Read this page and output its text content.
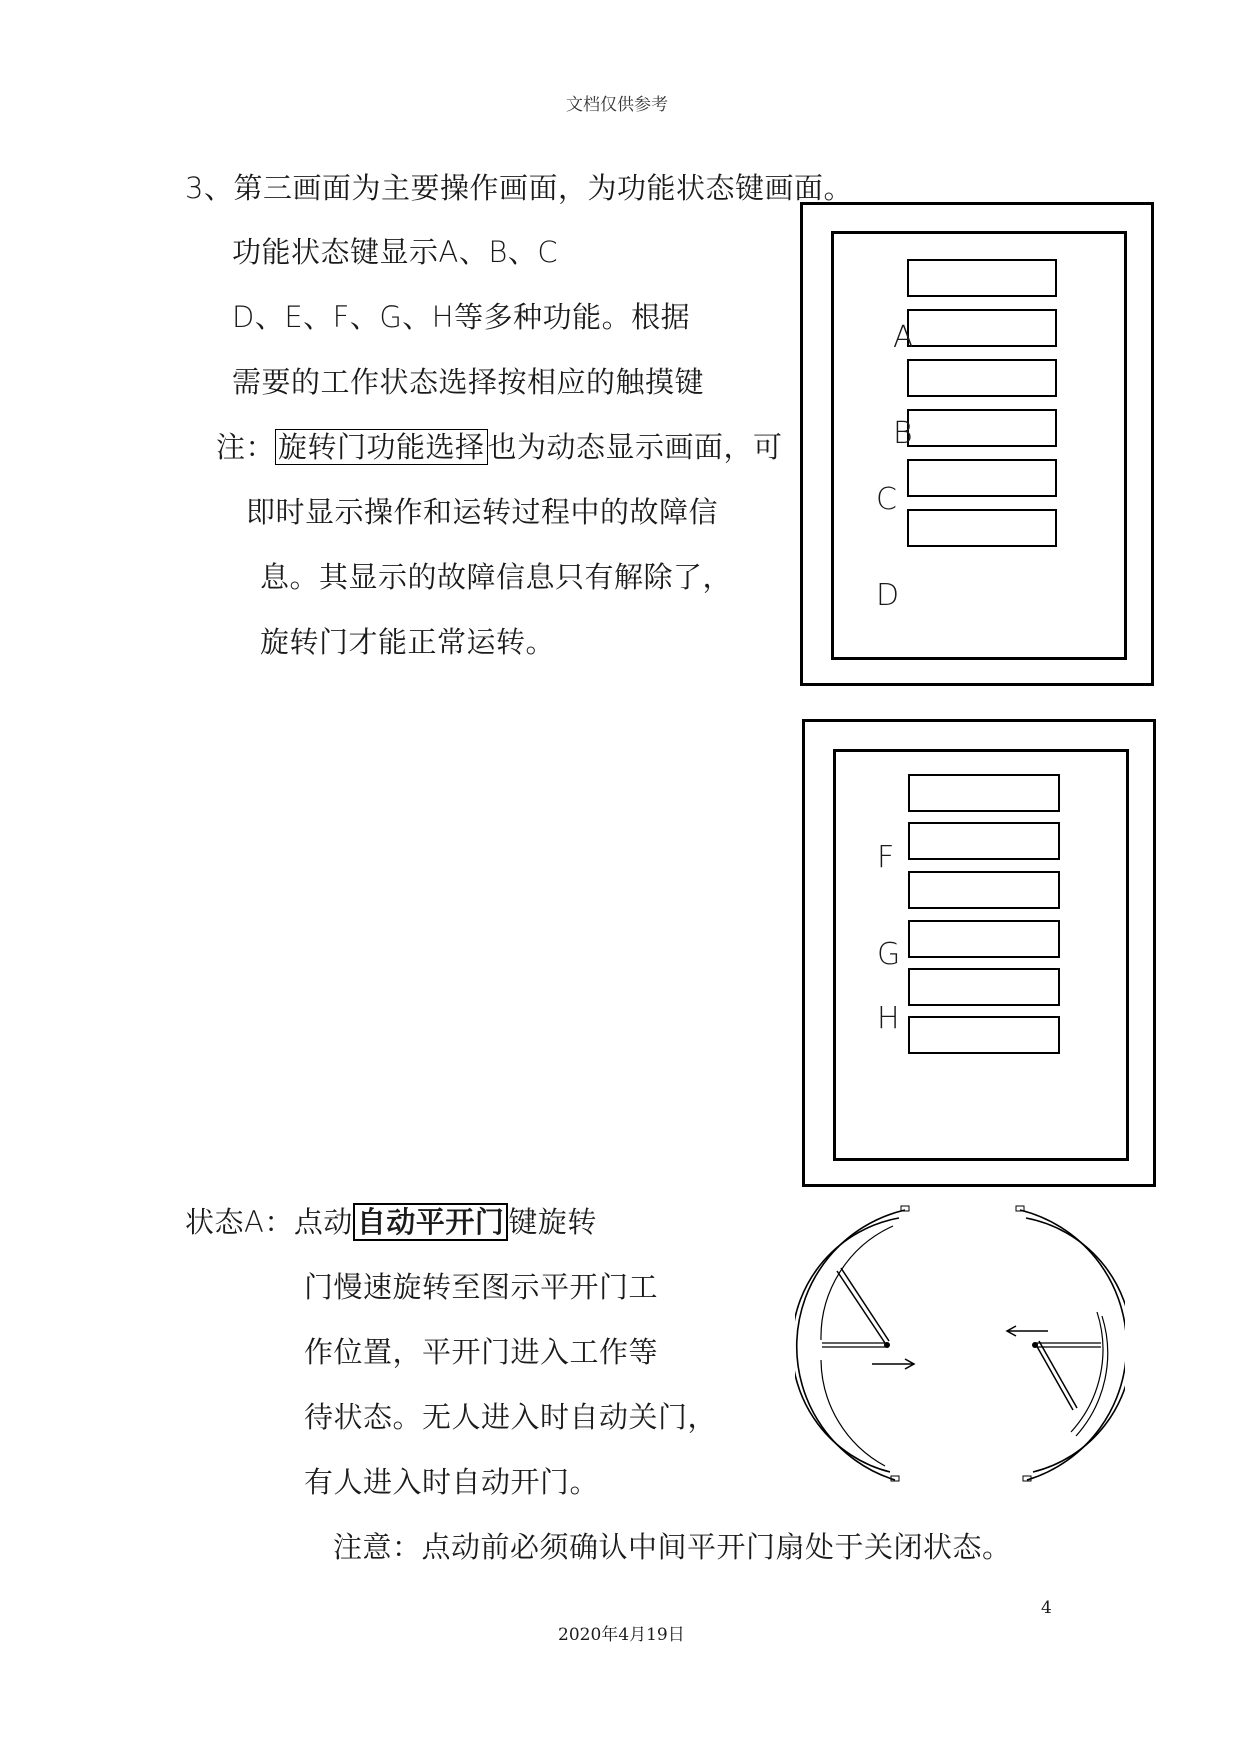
文档仅供参考
3、第三画面为主要操作画面，为功能状态键画面。
功能状态键显示A、B、C
D、E、F、G、H等多种功能。根据
需要的工作状态选择按相应的触摸键
注： 旋转门功能选择 也为动态显示画面，可
即时显示操作和运转过程中的故障信
息。其显示的故障信息只有解除了，
旋转门才能正常运转。
A
B
C
D
F
G
H
状态A：点动 自动平开门 键旋转
门慢速旋转至图示平开门工
作位置，平开门进入工作等
待状态。无人进入时自动关门，
有人进入时自动开门。
注意：点动前必须确认中间平开门扇处于关闭状态。
4
2020年4月19日
